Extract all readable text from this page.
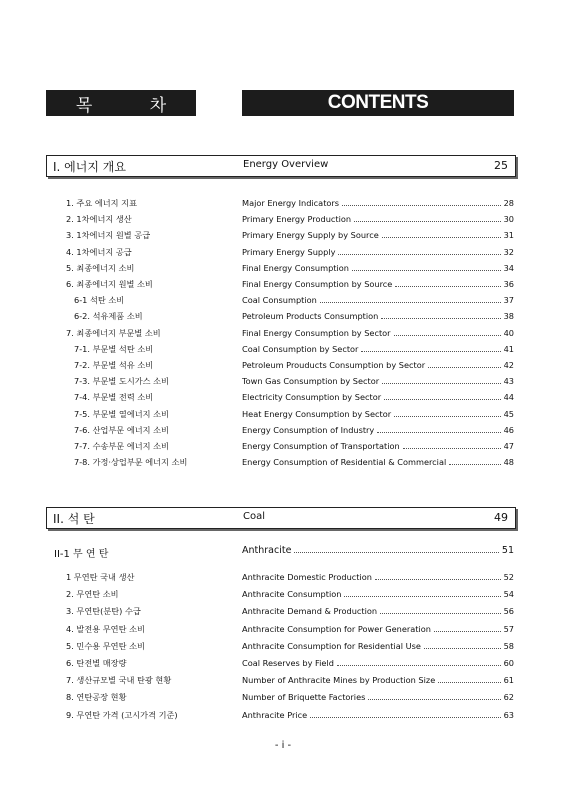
목 차	CONTENTS
I. 에너지 개요	Energy Overview	25
1. 주요 에너지 지표	Major Energy Indicators	28
2. 1차에너지 생산	Primary Energy Production	30
3. 1차에너지 원별 공급	Primary Energy Supply by Source	31
4. 1차에너지 공급	Primary Energy Supply	32
5. 최종에너지 소비	Final Energy Consumption	34
6. 최종에너지 원별 소비	Final Energy Consumption by Source	36
6-1 석탄 소비	Coal Consumption	37
6-2. 석유제품 소비	Petroleum Products Consumption	38
7. 최종에너지 부문별 소비	Final Energy Consumption by Sector	40
7-1. 부문별 석탄 소비	Coal Consumption by Sector	41
7-2. 부문별 석유 소비	Petroleum Prouducts Consumption by Sector	42
7-3. 부문별 도시가스 소비	Town Gas Consumption by Sector	43
7-4. 부문별 전력 소비	Electricity Consumption by Sector	44
7-5. 부문별 열에너지 소비	Heat Energy Consumption by Sector	45
7-6. 산업부문 에너지 소비	Energy Consumption of Industry	46
7-7. 수송부문 에너지 소비	Energy Consumption of Transportation	47
7-8. 가정·상업부문 에너지 소비	Energy Consumption of Residential & Commercial	48
II. 석 탄	Coal	49
II-1 무 연 탄	Anthracite	51
1 무연탄 국내 생산	Anthracite Domestic Production	52
2. 무연탄 소비	Anthracite Consumption	54
3. 무연탄(분탄) 수급	Anthracite Demand & Production	56
4. 발전용 무연탄 소비	Anthracite Consumption for Power Generation	57
5. 민수용 무연탄 소비	Anthracite Consumption for Residential Use	58
6. 탄전별 매장량	Coal Reserves by Field	60
7. 생산규모별 국내 탄광 현황	Number of Anthracite Mines by Production Size	61
8. 연탄공장 현황	Number of Briquette Factories	62
9. 무연탄 가격 (고시가격 기준)	Anthracite Price	63
- i -
